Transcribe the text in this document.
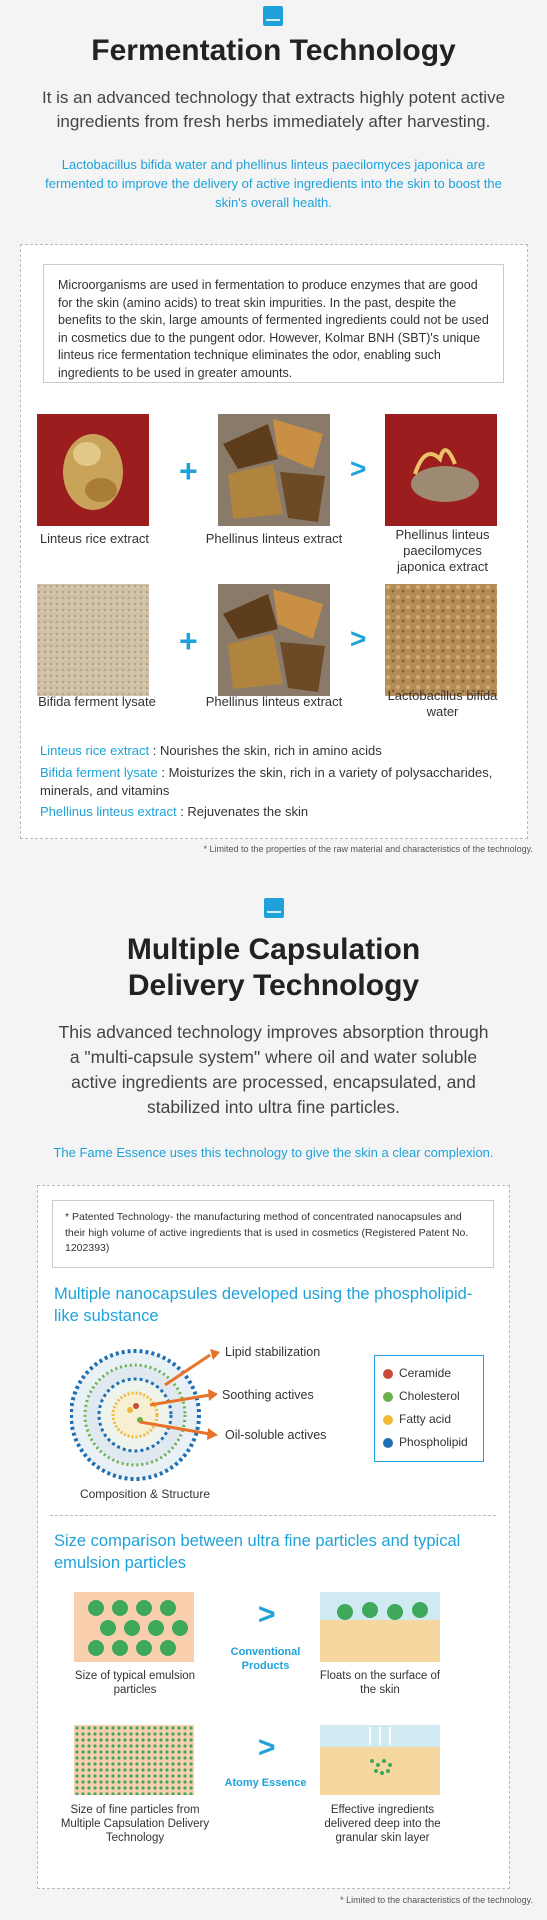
Fermentation Technology
It is an advanced technology that extracts highly potent active ingredients from fresh herbs immediately after harvesting.
Lactobacillus bifida water and phellinus linteus paecilomyces japonica are fermented to improve the delivery of active ingredients into the skin to boost the skin's overall health.
Microorganisms are used in fermentation to produce enzymes that are good for the skin (amino acids) to treat skin impurities. In the past, despite the benefits to the skin, large amounts of fermented ingredients could not be used in cosmetics due to the pungent odor. However, Kolmar BNH (SBT)'s unique linteus rice fermentation technique eliminates the odor, enabling such ingredients to be used in greater amounts.
+	>
Linteus rice extract	Phellinus linteus extract	Phellinus linteus paecilomyces japonica extract
+	>
Bifida ferment lysate	Phellinus linteus extract	Lactobacillus bifida water
Linteus rice extract : Nourishes the skin, rich in amino acids
Bifida ferment lysate : Moisturizes the skin, rich in a variety of polysaccharides, minerals, and vitamins
Phellinus linteus extract : Rejuvenates the skin
* Limited to the properties of the raw material and characteristics of the technology.
Multiple Capsulation
Delivery Technology
This advanced technology improves absorption through a "multi-capsule system" where oil and water soluble active ingredients are processed, encapsulated, and stabilized into ultra fine particles.
The Fame Essence uses this technology to give the skin a clear complexion.
* Patented Technology- the manufacturing method of concentrated nanocapsules and their high volume of active ingredients that is used in cosmetics (Registered Patent No. 1202393)
Multiple nanocapsules developed using the phospholipid-like substance
Lipid stabilization
Soothing actives
Oil-soluble actives
Composition & Structure
Ceramide
Cholesterol
Fatty acid
Phospholipid
Size comparison between ultra fine particles and typical emulsion particles
>
Conventional Products
Size of typical emulsion particles
Floats on the surface of the skin
>
Atomy Essence
Size of fine particles from Multiple Capsulation Delivery Technology
Effective ingredients delivered deep into the granular skin layer
* Limited to the characteristics of the technology.
